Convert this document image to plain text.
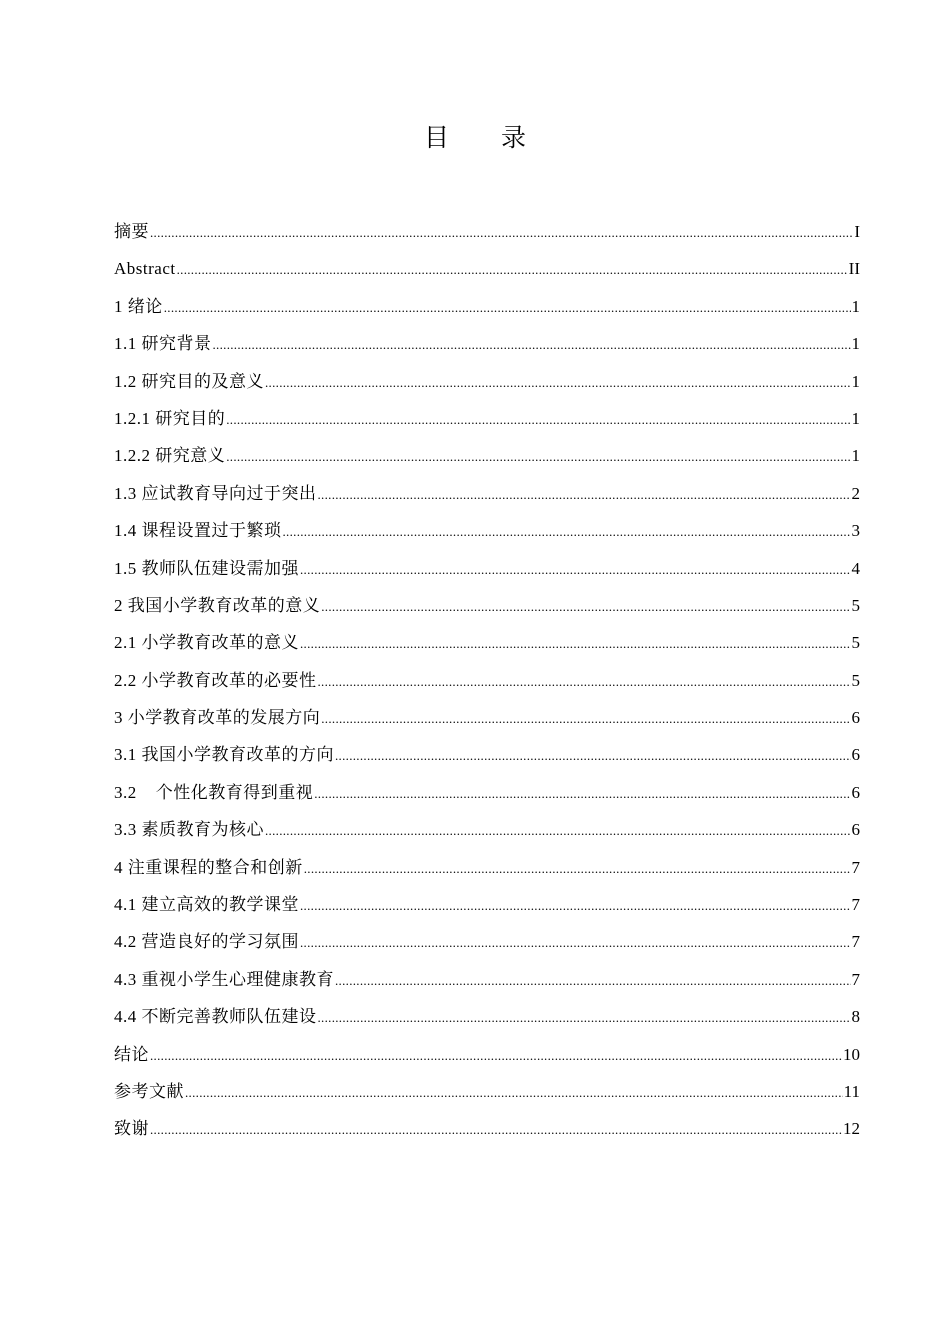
目 录
摘要 .....	I
Abstract .....	II
1 绪论 .....	1
1.1 研究背景 .....	1
1.2 研究目的及意义 .....	1
1.2.1 研究目的 .....	1
1.2.2 研究意义 .....	1
1.3 应试教育导向过于突出 .....	2
1.4 课程设置过于繁琐 .....	3
1.5 教师队伍建设需加强 .....	4
2 我国小学教育改革的意义 .....	5
2.1 小学教育改革的意义 .....	5
2.2 小学教育改革的必要性 .....	5
3 小学教育改革的发展方向 .....	6
3.1 我国小学教育改革的方向 .....	6
3.2    个性化教育得到重视 .....	6
3.3 素质教育为核心 .....	6
4 注重课程的整合和创新 .....	7
4.1 建立高效的教学课堂 .....	7
4.2 营造良好的学习氛围 .....	7
4.3 重视小学生心理健康教育 .....	7
4.4 不断完善教师队伍建设 .....	8
结论 .....	10
参考文献 .....	11
致谢 .....	12
